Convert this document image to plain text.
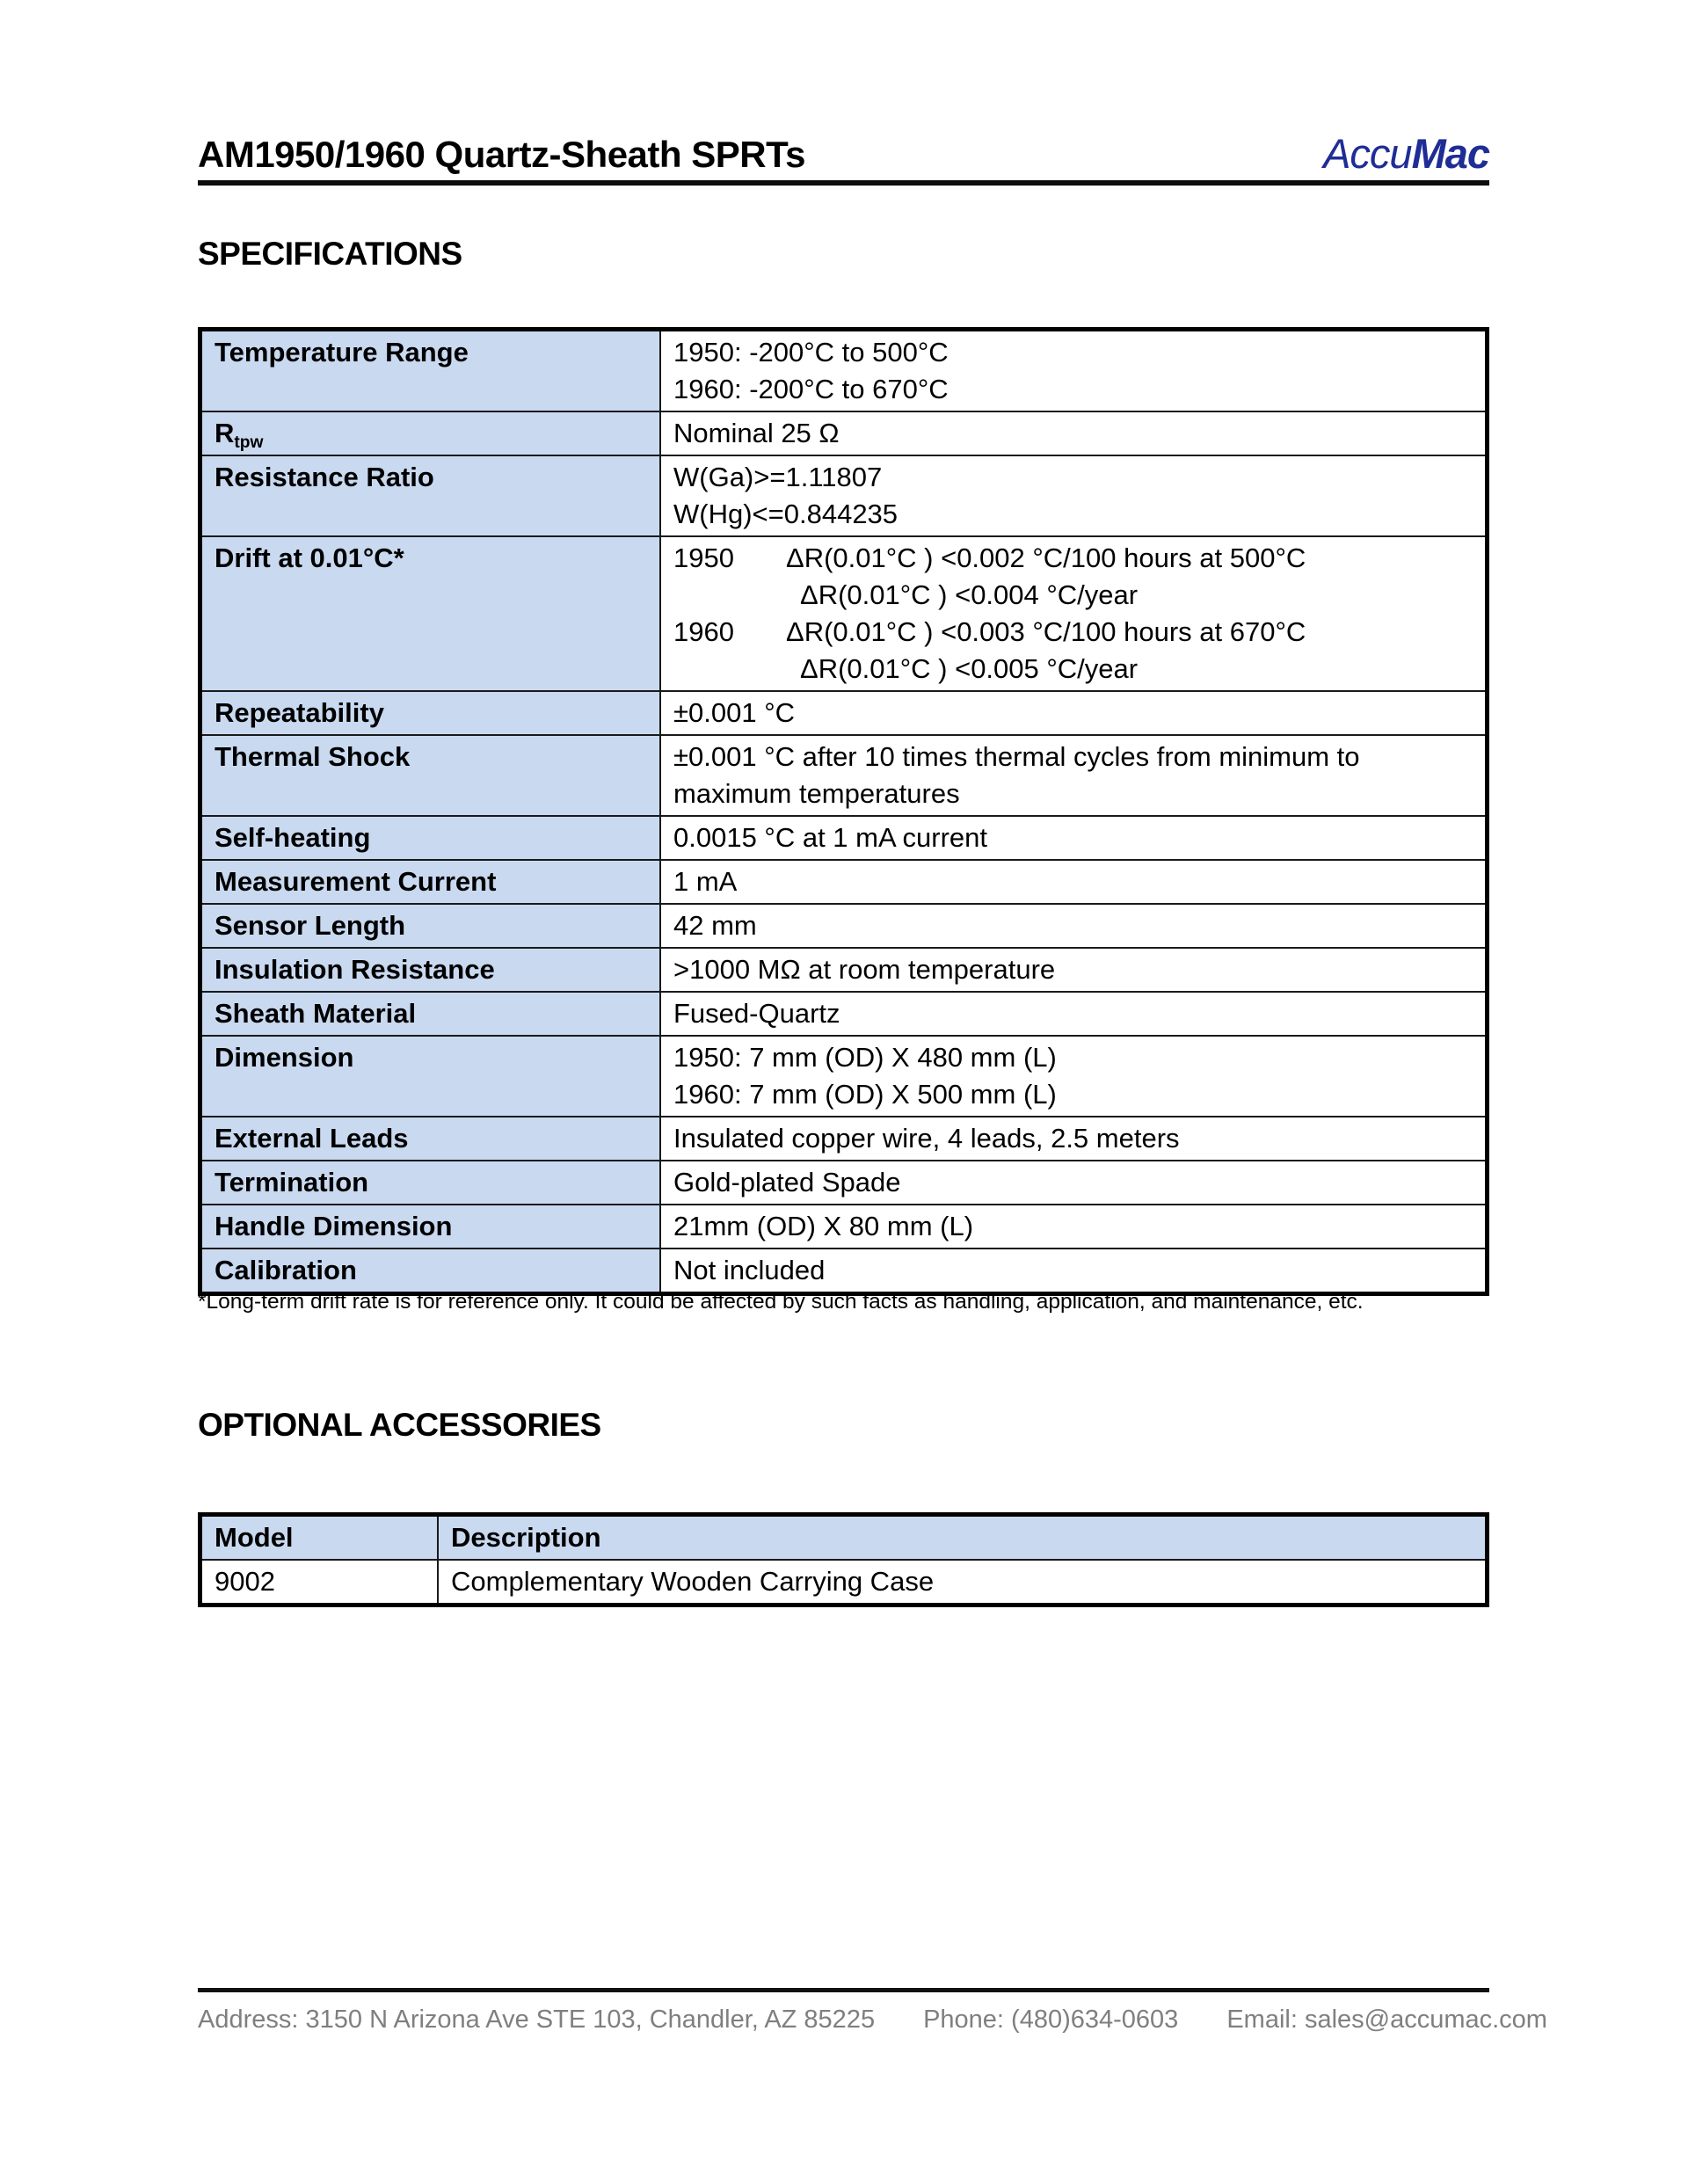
AM1950/1960 Quartz-Sheath SPRTs	AccuMac
SPECIFICATIONS
Temperature Range	1950: -200°C to 500°C
1960: -200°C to 670°C

$R_{tpw}$	Nominal 25 Ω

Resistance Ratio	W(Ga)>=1.11807
W(Hg)<=0.844235

Drift at 0.01°C*	1950 ΔR(0.01°C ) <0.002 °C/100 hours at 500°C
ΔR(0.01°C ) <0.004 °C/year
1960 ΔR(0.01°C ) <0.003 °C/100 hours at 670°C
ΔR(0.01°C ) <0.005 °C/year

Repeatability	±0.001 °C

Thermal Shock	±0.001 °C after 10 times thermal cycles from minimum to
maximum temperatures

Self-heating	0.0015 °C at 1 mA current

Measurement Current	1 mA

Sensor Length	42 mm

Insulation Resistance	>1000 MΩ at room temperature

Sheath Material	Fused-Quartz

Dimension	1950: 7 mm (OD) X 480 mm (L)
1960: 7 mm (OD) X 500 mm (L)

External Leads	Insulated copper wire, 4 leads, 2.5 meters

Termination	Gold-plated Spade

Handle Dimension	21mm (OD) X 80 mm (L)

Calibration	Not included
*Long-term drift rate is for reference only. It could be affected by such facts as handling, application, and maintenance, etc.
OPTIONAL ACCESSORIES
Model	Description
9002	Complementary Wooden Carrying Case
Address: 3150 N Arizona Ave STE 103, Chandler, AZ 85225 Phone: (480)634-0603 Email: sales@accumac.com
